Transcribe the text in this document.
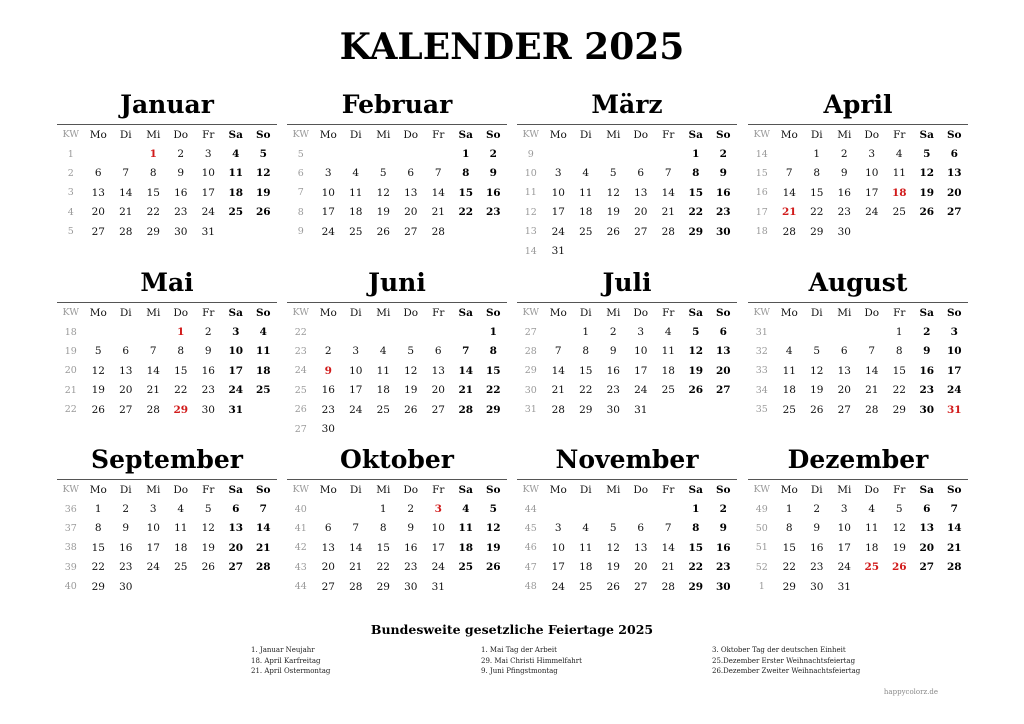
KALENDER 2025
Januar
KW	Mo	Di	Mi	Do	Fr	Sa	So
1			1	2	3	4	5
2	6	7	8	9	10	11	12
3	13	14	15	16	17	18	19
4	20	21	22	23	24	25	26
5	27	28	29	30	31		
Februar
KW	Mo	Di	Mi	Do	Fr	Sa	So
5						1	2
6	3	4	5	6	7	8	9
7	10	11	12	13	14	15	16
8	17	18	19	20	21	22	23
9	24	25	26	27	28		
März
KW	Mo	Di	Mi	Do	Fr	Sa	So
9						1	2
10	3	4	5	6	7	8	9
11	10	11	12	13	14	15	16
12	17	18	19	20	21	22	23
13	24	25	26	27	28	29	30
14	31						
April
KW	Mo	Di	Mi	Do	Fr	Sa	So
14		1	2	3	4	5	6
15	7	8	9	10	11	12	13
16	14	15	16	17	18	19	20
17	21	22	23	24	25	26	27
18	28	29	30				
Mai
KW	Mo	Di	Mi	Do	Fr	Sa	So
18				1	2	3	4
19	5	6	7	8	9	10	11
20	12	13	14	15	16	17	18
21	19	20	21	22	23	24	25
22	26	27	28	29	30	31	
Juni
KW	Mo	Di	Mi	Do	Fr	Sa	So
22							1
23	2	3	4	5	6	7	8
24	9	10	11	12	13	14	15
25	16	17	18	19	20	21	22
26	23	24	25	26	27	28	29
27	30						
Juli
KW	Mo	Di	Mi	Do	Fr	Sa	So
27		1	2	3	4	5	6
28	7	8	9	10	11	12	13
29	14	15	16	17	18	19	20
30	21	22	23	24	25	26	27
31	28	29	30	31			
August
KW	Mo	Di	Mi	Do	Fr	Sa	So
31					1	2	3
32	4	5	6	7	8	9	10
33	11	12	13	14	15	16	17
34	18	19	20	21	22	23	24
35	25	26	27	28	29	30	31
September
KW	Mo	Di	Mi	Do	Fr	Sa	So
36	1	2	3	4	5	6	7
37	8	9	10	11	12	13	14
38	15	16	17	18	19	20	21
39	22	23	24	25	26	27	28
40	29	30					
Oktober
KW	Mo	Di	Mi	Do	Fr	Sa	So
40			1	2	3	4	5
41	6	7	8	9	10	11	12
42	13	14	15	16	17	18	19
43	20	21	22	23	24	25	26
44	27	28	29	30	31		
November
KW	Mo	Di	Mi	Do	Fr	Sa	So
44						1	2
45	3	4	5	6	7	8	9
46	10	11	12	13	14	15	16
47	17	18	19	20	21	22	23
48	24	25	26	27	28	29	30
Dezember
KW	Mo	Di	Mi	Do	Fr	Sa	So
49	1	2	3	4	5	6	7
50	8	9	10	11	12	13	14
51	15	16	17	18	19	20	21
52	22	23	24	25	26	27	28
1	29	30	31				
Bundesweite gesetzliche Feiertage 2025
1. Januar Neujahr
18. April Karfreitag
21. April Ostermontag
1. Mai Tag der Arbeit
29. Mai Christi Himmelfahrt
9. Juni Pfingstmontag
3. Oktober Tag der deutschen Einheit
25.Dezember Erster Weihnachtsfeiertag
26.Dezember Zweiter Weihnachtsfeiertag
happycolorz.de
